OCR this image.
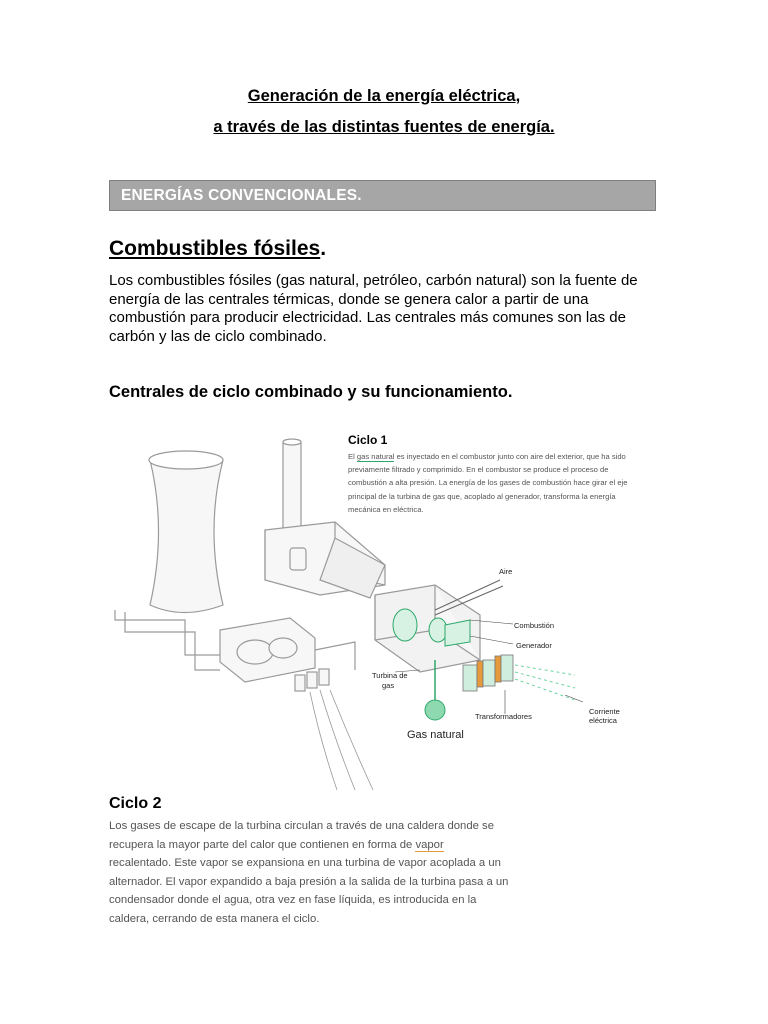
Generación de la energía eléctrica,
a través de las distintas fuentes de energía.
ENERGÍAS CONVENCIONALES.
Combustibles fósiles.
Los combustibles fósiles (gas natural, petróleo, carbón natural) son la fuente de energía de las centrales térmicas, donde se genera calor a partir de una combustión para producir electricidad. Las centrales más comunes son las de carbón y las de ciclo combinado.
Centrales de ciclo combinado y su funcionamiento.
Ciclo 1
El gas natural es inyectado en el combustor junto con aire del exterior, que ha sido previamente filtrado y comprimido. En el combustor se produce el proceso de combustión a alta presión. La energía de los gases de combustión hace girar el eje principal de la turbina de gas que, acoplado al generador, transforma la energía mecánica en eléctrica.
Aire
Combustión
Generador
Turbina de
gas
Transformadores
Corriente
eléctrica
Gas natural
Ciclo 2
Los gases de escape de la turbina circulan a través de una caldera donde se recupera la mayor parte del calor que contienen en forma de vapor recalentado. Este vapor se expansiona en una turbina de vapor acoplada a un alternador. El vapor expandido a baja presión a la salida de la turbina pasa a un condensador donde el agua, otra vez en fase líquida, es introducida en la caldera, cerrando de esta manera el ciclo.
